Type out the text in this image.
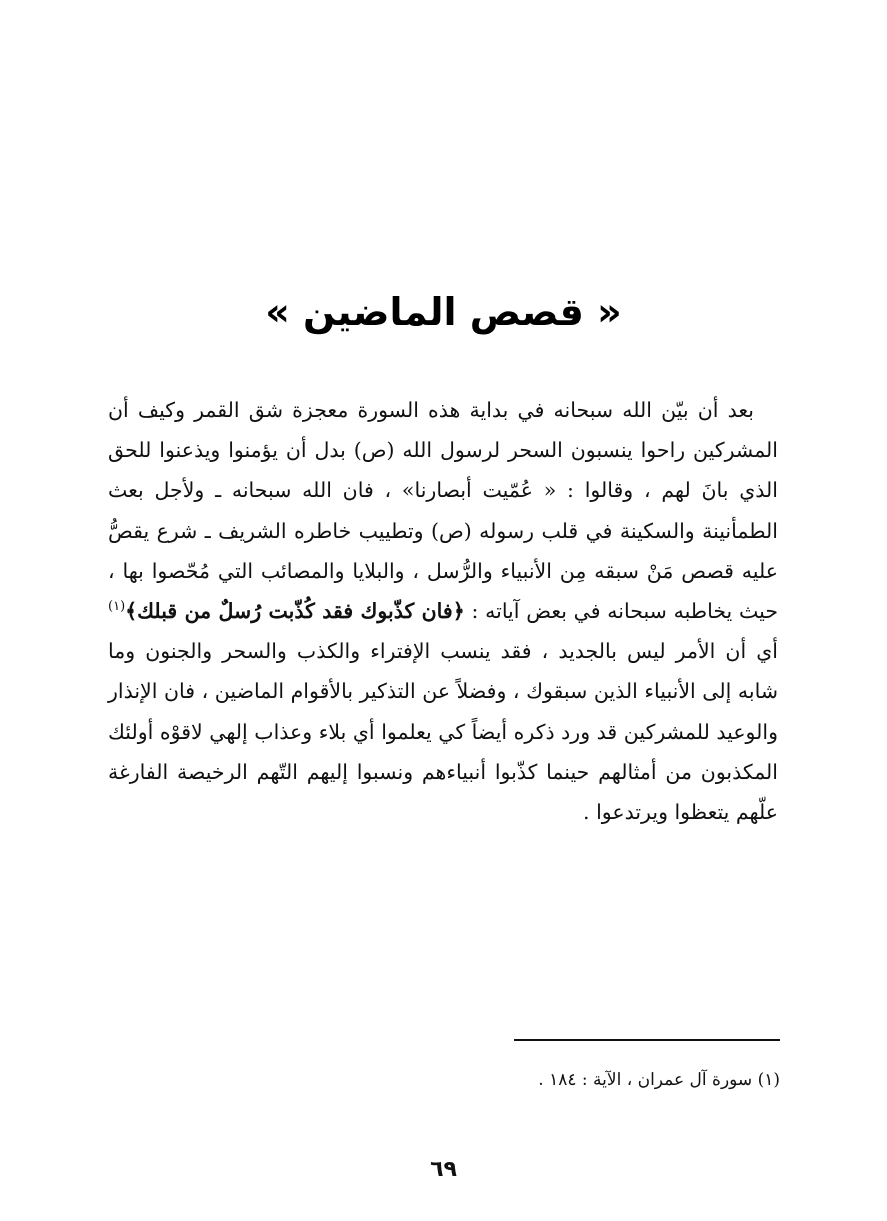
« قصص الماضين »

بعد أن بيّن الله سبحانه في بداية هذه السورة معجزة شق القمر وكيف أن المشركين راحوا ينسبون السحر لرسول الله (ص) بدل أن يؤمنوا ويذعنوا للحق الذي بانَ لهم ، وقالوا : « عُمّيت أبصارنا» ، فان الله سبحانه ـ ولأجل بعث الطمأنينة والسكينة في قلب رسوله (ص) وتطييب خاطره الشريف ـ شرع يقصُّ عليه قصص مَنْ سبقه مِن الأنبياء والرُّسل ، والبلايا والمصائب التي مُحّصوا بها ، حيث يخاطبه سبحانه في بعض آياته : ﴿فان كذّبوك فقد كُذّبت رُسلٌ من قبلك﴾$^{(١)}$ أي أن الأمر ليس بالجديد ، فقد ينسب الإفتراء والكذب والسحر والجنون وما شابه إلى الأنبياء الذين سبقوك ، وفضلاً عن التذكير بالأقوام الماضين ، فان الإنذار والوعيد للمشركين قد ورد ذكره أيضاً كي يعلموا أي بلاء وعذاب إلهي لاقوْه أولئك المكذبون من أمثالهم حينما كذّبوا أنبياءهم ونسبوا إليهم التّهم الرخيصة الفارغة علّهم يتعظوا ويرتدعوا .

(١) سورة آل عمران ، الآية : ١٨٤ .
٦٩
